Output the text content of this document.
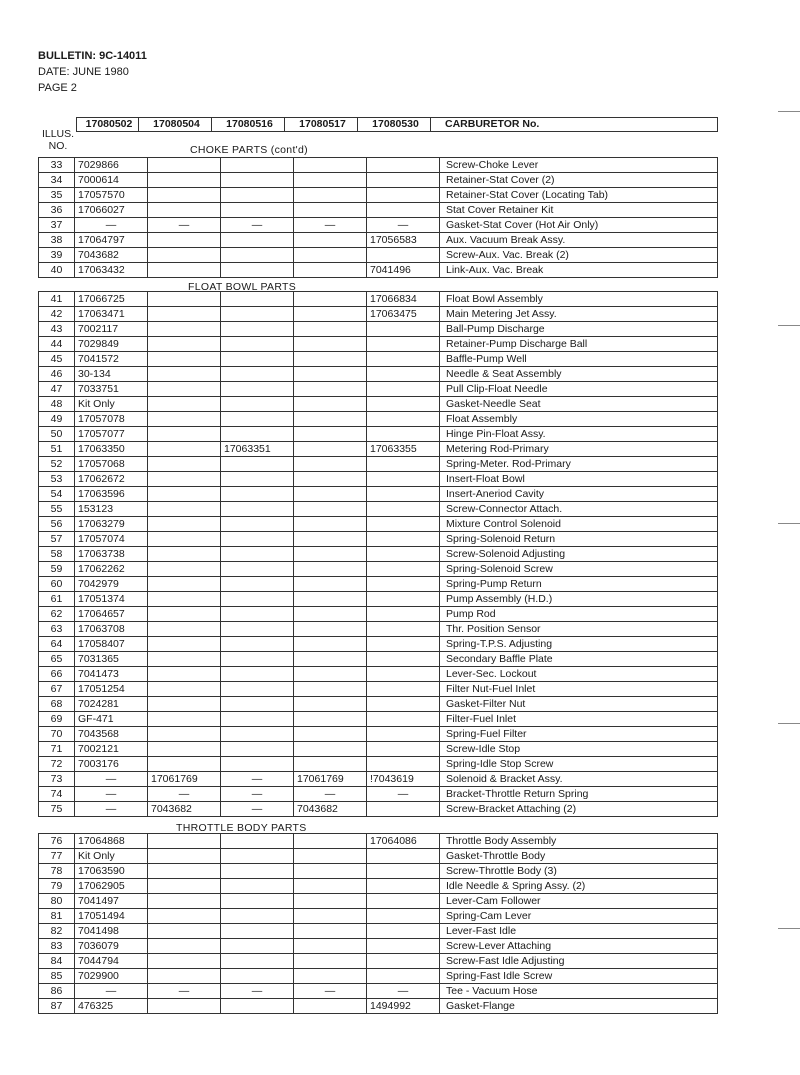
BULLETIN: 9C-14011
DATE: JUNE 1980
PAGE 2
17080502	17080504	17080516	17080517	17080530	CARBURETOR No.
ILLUS.
NO.	CHOKE PARTS (cont'd)
FLOAT BOWL PARTS
THROTTLE BODY PARTS
33	7029866					Screw-Choke Lever
34	7000614					Retainer-Stat Cover (2)
35	17057570					Retainer-Stat Cover (Locating Tab)
36	17066027					Stat Cover Retainer Kit
37	—	—	—	—	—	Gasket-Stat Cover (Hot Air Only)
38	17064797				17056583	Aux. Vacuum Break Assy.
39	7043682					Screw-Aux. Vac. Break (2)
40	17063432				7041496	Link-Aux. Vac. Break
41	17066725				17066834	Float Bowl Assembly
42	17063471				17063475	Main Metering Jet Assy.
43	7002117					Ball-Pump Discharge
44	7029849					Retainer-Pump Discharge Ball
45	7041572					Baffle-Pump Well
46	30-134					Needle & Seat Assembly
47	7033751					Pull Clip-Float Needle
48	Kit Only					Gasket-Needle Seat
49	17057078					Float Assembly
50	17057077					Hinge Pin-Float Assy.
51	17063350		17063351		17063355	Metering Rod-Primary
52	17057068					Spring-Meter. Rod-Primary
53	17062672					Insert-Float Bowl
54	17063596					Insert-Aneriod Cavity
55	153123					Screw-Connector Attach.
56	17063279					Mixture Control Solenoid
57	17057074					Spring-Solenoid Return
58	17063738					Screw-Solenoid Adjusting
59	17062262					Spring-Solenoid Screw
60	7042979					Spring-Pump Return
61	17051374					Pump Assembly (H.D.)
62	17064657					Pump Rod
63	17063708					Thr. Position Sensor
64	17058407					Spring-T.P.S. Adjusting
65	7031365					Secondary Baffle Plate
66	7041473					Lever-Sec. Lockout
67	17051254					Filter Nut-Fuel Inlet
68	7024281					Gasket-Filter Nut
69	GF-471					Filter-Fuel Inlet
70	7043568					Spring-Fuel Filter
71	7002121					Screw-Idle Stop
72	7003176					Spring-Idle Stop Screw
73	—	17061769	—	17061769	!7043619	Solenoid & Bracket Assy.
74	—	—	—	—	—	Bracket-Throttle Return Spring
75	—	7043682	—	7043682		Screw-Bracket Attaching (2)
76	17064868				17064086	Throttle Body Assembly
77	Kit Only					Gasket-Throttle Body
78	17063590					Screw-Throttle Body (3)
79	17062905					Idle Needle & Spring Assy. (2)
80	7041497					Lever-Cam Follower
81	17051494					Spring-Cam Lever
82	7041498					Lever-Fast Idle
83	7036079					Screw-Lever Attaching
84	7044794					Screw-Fast Idle Adjusting
85	7029900					Spring-Fast Idle Screw
86	—	—	—	—	—	Tee - Vacuum Hose
87	476325				1494992	Gasket-Flange
